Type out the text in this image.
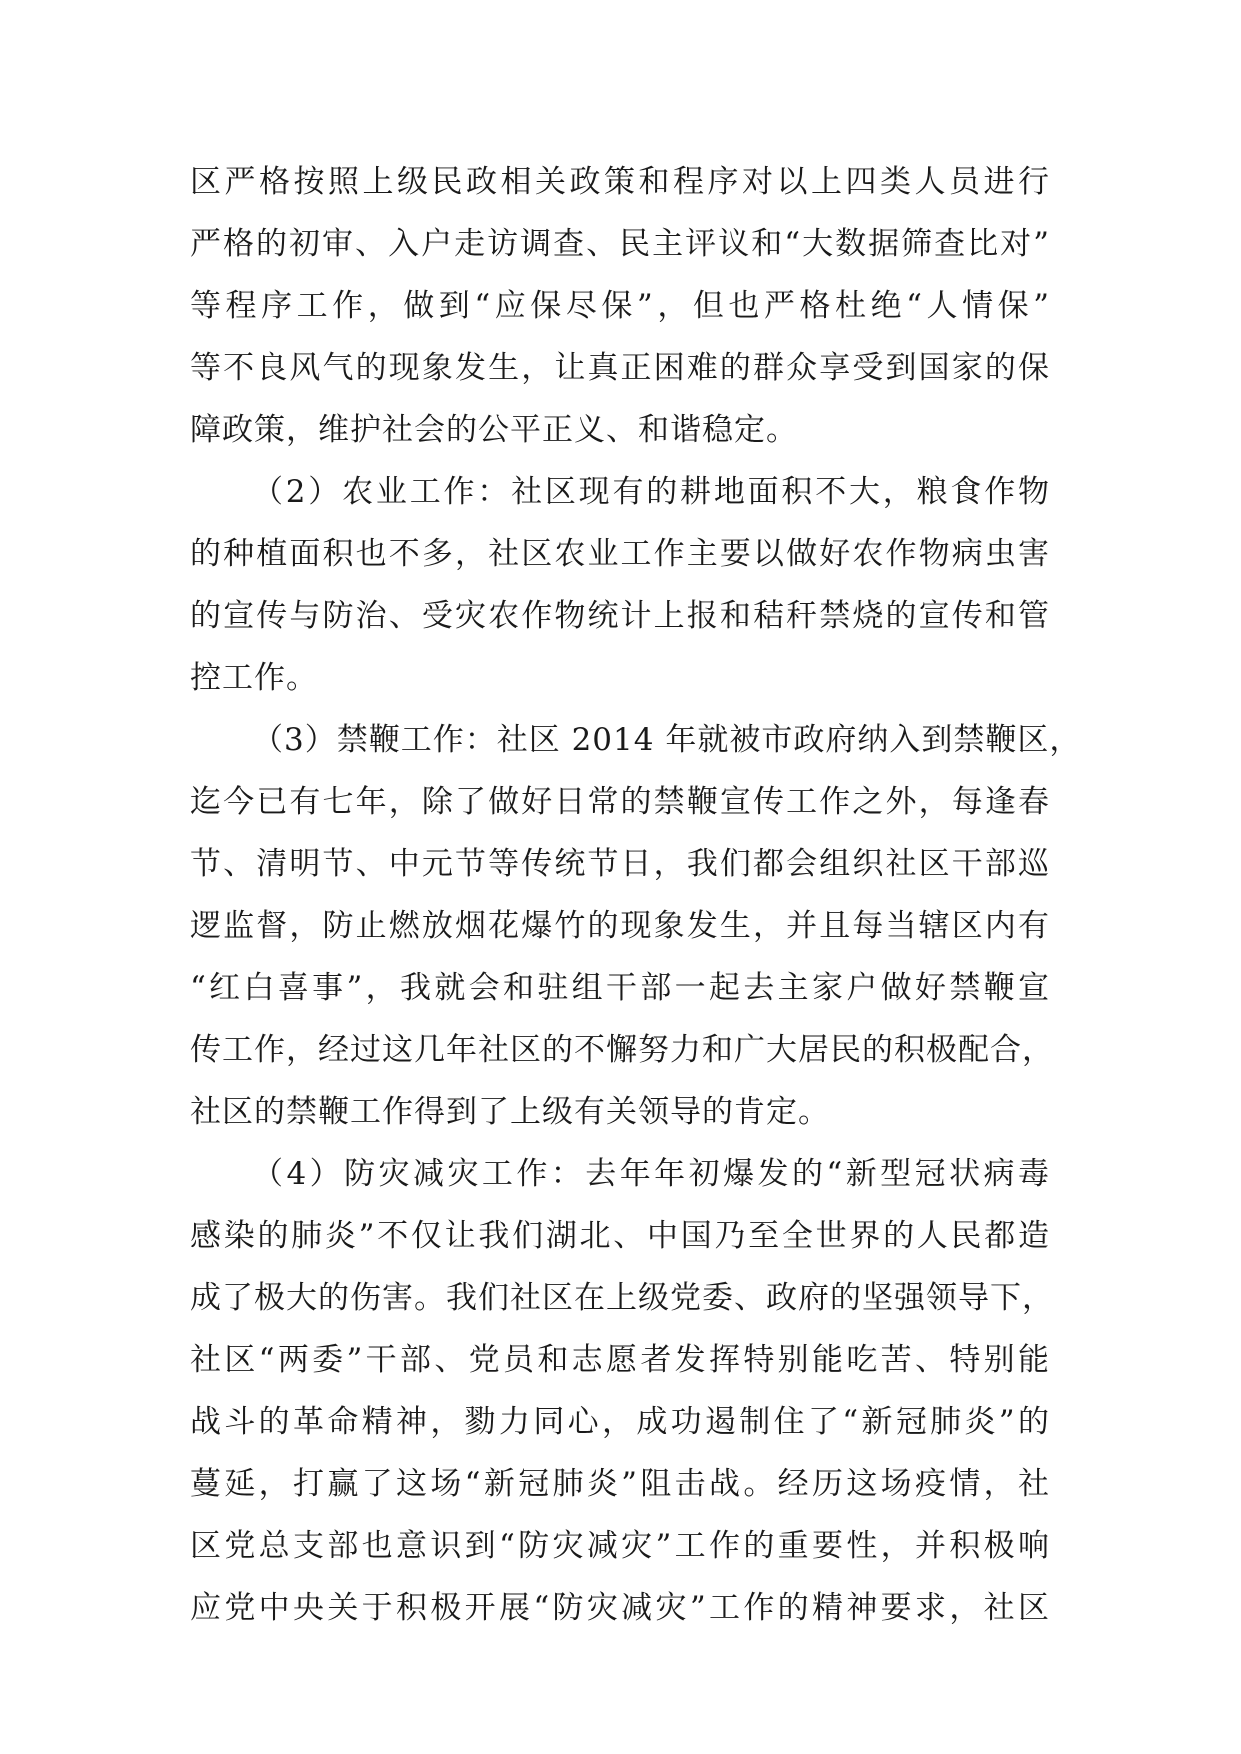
区严格按照上级民政相关政策和程序对以上四类人员进行
严格的初审、入户走访调查、民主评议和“大数据筛查比对”
等程序工作，做到“应保尽保”，但也严格杜绝“人情保”
等不良风气的现象发生，让真正困难的群众享受到国家的保
障政策，维护社会的公平正义、和谐稳定。
（2）农业工作：社区现有的耕地面积不大，粮食作物
的种植面积也不多，社区农业工作主要以做好农作物病虫害
的宣传与防治、受灾农作物统计上报和秸秆禁烧的宣传和管
控工作。
（3）禁鞭工作：社区 2014 年就被市政府纳入到禁鞭区，
迄今已有七年，除了做好日常的禁鞭宣传工作之外，每逢春
节、清明节、中元节等传统节日，我们都会组织社区干部巡
逻监督，防止燃放烟花爆竹的现象发生，并且每当辖区内有
“红白喜事”，我就会和驻组干部一起去主家户做好禁鞭宣
传工作，经过这几年社区的不懈努力和广大居民的积极配合，
社区的禁鞭工作得到了上级有关领导的肯定。
（4）防灾减灾工作：去年年初爆发的“新型冠状病毒
感染的肺炎”不仅让我们湖北、中国乃至全世界的人民都造
成了极大的伤害。我们社区在上级党委、政府的坚强领导下，
社区“两委”干部、党员和志愿者发挥特别能吃苦、特别能
战斗的革命精神，勠力同心，成功遏制住了“新冠肺炎”的
蔓延，打赢了这场“新冠肺炎”阻击战。经历这场疫情，社
区党总支部也意识到“防灾减灾”工作的重要性，并积极响
应党中央关于积极开展“防灾减灾”工作的精神要求，社区
